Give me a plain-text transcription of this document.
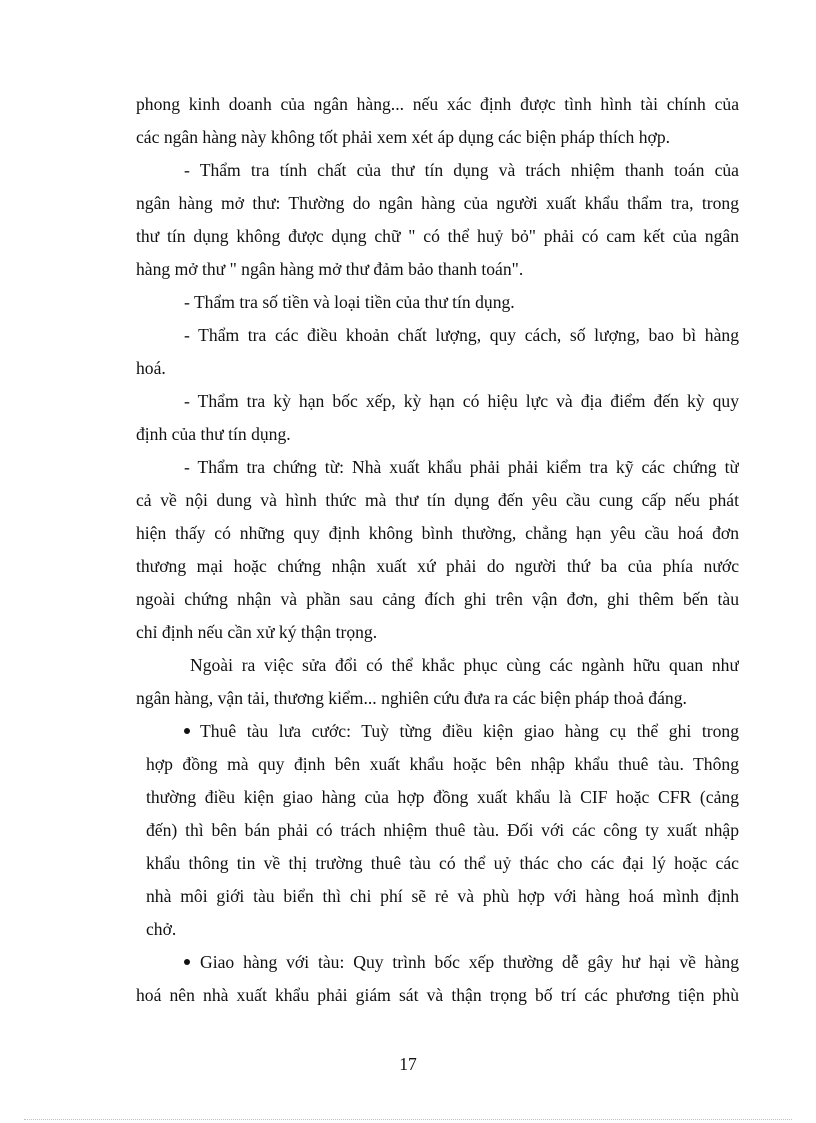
phong kinh doanh của ngân hàng... nếu xác định được tình hình tài chính của
các ngân hàng này không tốt phải xem xét áp dụng các biện pháp thích hợp.
- Thẩm tra tính chất của thư tín dụng và trách nhiệm thanh toán của
ngân hàng mở thư: Thường do ngân hàng của người xuất khẩu thẩm tra, trong
thư tín dụng không được dụng chữ " có thể huỷ bỏ" phải có cam kết của ngân
hàng mở thư " ngân hàng mở thư đảm bảo thanh toán".
- Thẩm tra số tiền và loại tiền của thư tín dụng.
- Thẩm tra các điều khoản chất lượng, quy cách, số lượng, bao bì hàng
hoá.
- Thẩm tra kỳ hạn bốc xếp, kỳ hạn có hiệu lực và địa điểm đến kỳ quy
định của thư tín dụng.
- Thẩm tra chứng từ: Nhà xuất khẩu phải phải kiểm tra kỹ các chứng từ
cả về nội dung và hình thức mà thư tín dụng đến yêu cầu cung cấp nếu phát
hiện thấy có những quy định không bình thường, chẳng hạn yêu cầu hoá đơn
thương mại hoặc chứng nhận xuất xứ phải do người thứ ba của phía nước
ngoài chứng nhận và phần sau cảng đích ghi trên vận đơn, ghi thêm bến tàu
chỉ định nếu cần xử ký thận trọng.
Ngoài ra việc sửa đổi có thể khắc phục cùng các ngành hữu quan như
ngân hàng, vận tải, thương kiểm... nghiên cứu đưa ra các biện pháp thoả đáng.
Thuê tàu lưa cước: Tuỳ từng điều kiện giao hàng cụ thể ghi trong
hợp đồng mà quy định bên xuất khẩu hoặc bên nhập khẩu thuê tàu. Thông
thường điều kiện giao hàng của hợp đồng xuất khẩu là CIF hoặc CFR (cảng
đến) thì bên bán phải có trách nhiệm thuê tàu. Đối với các công ty xuất nhập
khẩu thông tin về thị trường thuê tàu có thể uỷ thác cho các đại lý hoặc các
nhà môi giới tàu biển thì chi phí sẽ rẻ và phù hợp với hàng hoá mình định
chở.
Giao hàng với tàu: Quy trình bốc xếp thường dễ gây hư hại về hàng
hoá nên nhà xuất khẩu phải giám sát và thận trọng bố trí các phương tiện phù
17
